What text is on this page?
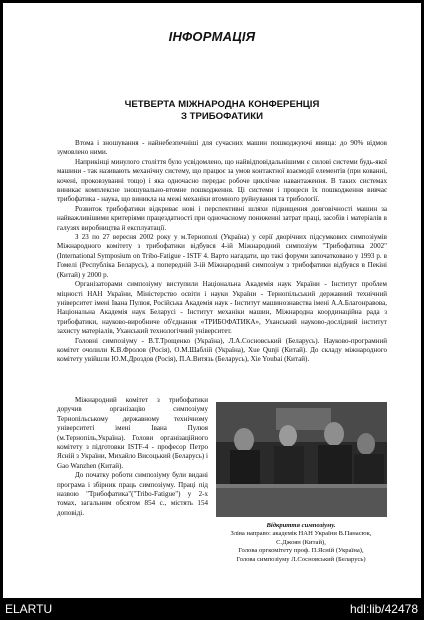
ІНФОРМАЦІЯ
ЧЕТВЕРТА МІЖНАРОДНА КОНФЕРЕНЦІЯ
З ТРИБОФАТИКИ

Втома і зношування - найнебезпечніші для сучасних машин пошкоджуючі явища: до 90% відмов зумовлено ними.

Наприкінці минулого століття було усвідомлено, що найвідповідальнішими є силові системи будь-якої машини - так називають механічну систему, що працює за умов контактної взаємодії елементів (при кованні, кочені, проковзуванні тощо) і яка одночасно передає робоче циклічне навантаження. В таких системах виникає комплексне зношувально-втомне пошкодження. Ці системи і процеси їх пошкодження вивчає трибофатика - наука, що виникла на межі механіки втомного руйнування та трибології.

Розвиток трибофатики відкриває нові і перспективні шляхи підвищення довговічності машин за найважливішими критеріями працездатності при одночасному пониженні затрат праці, засобів і матеріалів в галузях виробництва й експлуатації.

З 23 по 27 вересня 2002 року у м.Тернополі (Україна) у серії дворічних підсумкових симпозіумів Міжнародного комітету з трибофатики відбувся 4-ій Міжнародний симпозіум "Трибофатика 2002" (International Symposium on Tribo-Fatigue - ISTF 4. Варто нагадати, що такі форуми започатковано у 1993 р. в Гомелі (Республіка Беларусь), а попередній 3-ій Міжнародний симпозіум з трибофатики відбувся в Пекіні (Китай) у 2000 р.

Організаторами симпозіуму виступили Національна Академія наук України - Інститут проблем міцності НАН України, Міністерство освіти і науки України - Тернопільський державний технічний університет імені Івана Пулюя, Російська Академія наук - Інститут машинознавства імені А.А.Благонравова, Національна Академія наук Беларусі - Інститут механіки машин, Міжнародна координаційна рада з трибофатики, науково-виробниче об'єднання «ТРИБОФАТИКА», Уханський науково-дослідний інститут захисту матеріалів, Уханський технологічний університет.

Головні симпозіуму - В.Т.Трощенко (Україна), Л.А.Сосновський (Беларусь). Науково-програмний комітет очолили К.В.Фролов (Росія), О.М.Шаблій (Україна), Xue Qunji (Китай). До складу міжнародного комітету увійшли Ю.М.Дроздов (Росія), П.А.Витязь (Беларусь), Xie Youbai (Китай).

Міжнародний комітет з трибофатики доручив організацію симпозіуму Тернопільському державному технічному університеті імені Івана Пулюя (м.Тернопіль,Україна). Голови організаційного комітету з підготовки ISTF-4 - професор Петро Ясній з України, Михайло Висоцький (Беларусь) і Gao Wanzhen (Китай).

До початку роботи симпозіуму були видані програма і збірник праць симпозіуму. Праці під назвою "Трибофатика"("Tribo-Fatigue") у 2-х томах, загальним обсягом 854 с., містять 154 доповіді.

Відкриття симпозіуму.
Зліва направо: академік НАН України В.Панасюк,
С.Джоян (Китай),
Голова оргкомітету проф. П.Ясній (Україна),
Голова симпозіуму Л.Сосновський (Беларусь)
ELARTU	hdl:lib/42478
